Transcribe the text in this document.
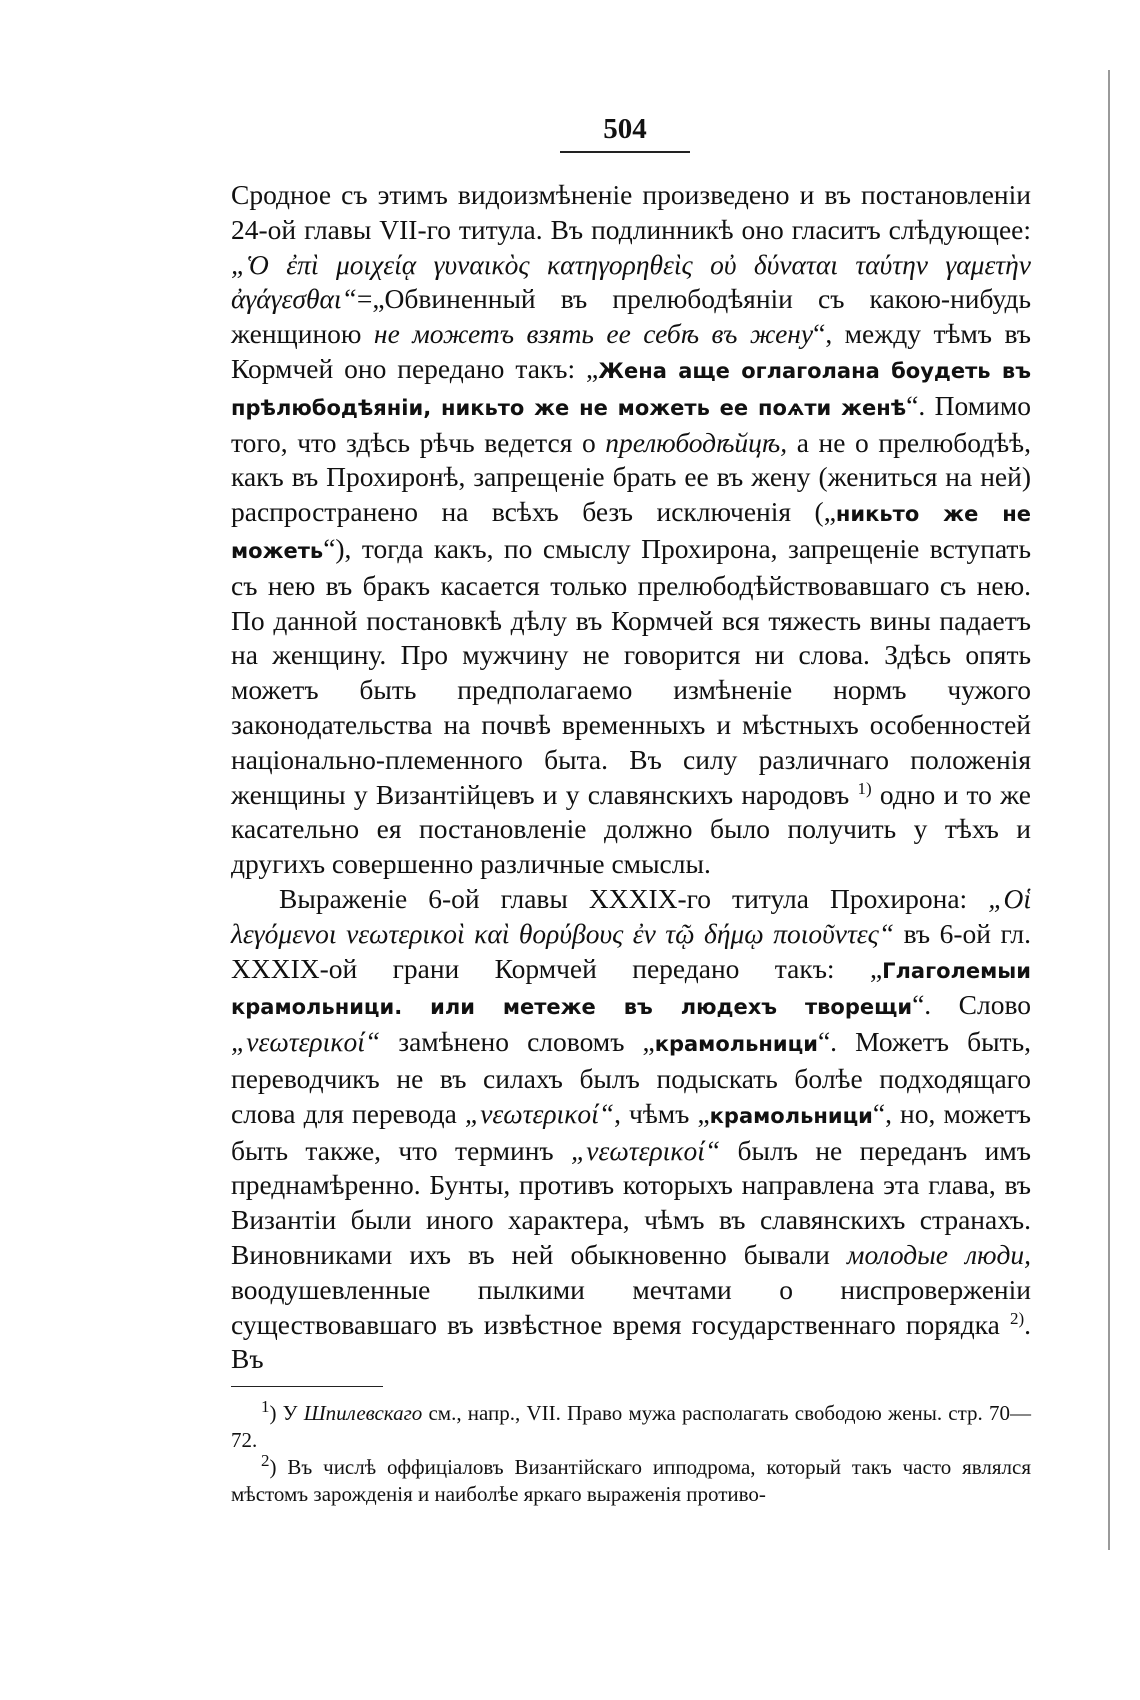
504

Сродное съ этимъ видоизмѣненіе произведено и въ постановленіи 24-ой главы VII-го титула. Въ подлинникѣ оно гласитъ слѣдующее: „Ὁ ἐπὶ μοιχείᾳ γυναικὸς κατηγορηθεὶς οὐ δύναται ταύτην γαμετὴν ἀγάγεσθαι“=„Обвиненный въ прелюбодѣяніи съ какою-нибудь женщиною не можетъ взять ее себѣ въ жену“, между тѣмъ въ Кормчей оно передано такъ: „Жена аще оглаголана боудеть въ прѣлюбодѣяніи, никьто же не можеть ее поѧти женѣ“. Помимо того, что здѣсь рѣчь ведется о прелюбодѣйцѣ, а не о прелюбодѣѣ, какъ въ Прохиронѣ, запрещеніе брать ее въ жену (жениться на ней) распространено на всѣхъ безъ исключенія („никьто же не можеть“), тогда какъ, по смыслу Прохирона, запрещеніе вступать съ нею въ бракъ касается только прелюбодѣйствовавшаго съ нею. По данной постановкѣ дѣлу въ Кормчей вся тяжесть вины падаетъ на женщину. Про мужчину не говорится ни слова. Здѣсь опять можетъ быть предполагаемо измѣненіе нормъ чужого законодательства на почвѣ временныхъ и мѣстныхъ особенностей національно-племенного быта. Въ силу различнаго положенія женщины у Византійцевъ и у славянскихъ народовъ $^{1)}$ одно и то же касательно ея постановленіе должно было получить у тѣхъ и другихъ совершенно различные смыслы.

Выраженіе 6-ой главы XXXIX-го титула Прохирона: „Οἱ λεγόμενοι νεωτερικοὶ καὶ θορύβους ἐν τῷ δήμῳ ποιοῦντες“ въ 6-ой гл. XXXIX-ой грани Кормчей передано такъ: „Глаголемыи крамольници. или метеже въ людехъ творещи“. Слово „νεωτερικοί“ замѣнено словомъ „крамольници“. Можетъ быть, переводчикъ не въ силахъ былъ подыскать болѣе подходящаго слова для перевода „νεωτερικοί“, чѣмъ „крамольници“, но, можетъ быть также, что терминъ „νεωτερικοί“ былъ не переданъ имъ преднамѣренно. Бунты, противъ которыхъ направлена эта глава, въ Византіи были иного характера, чѣмъ въ славянскихъ странахъ. Виновниками ихъ въ ней обыкновенно бывали молодые люди, воодушевленные пылкими мечтами о ниспроверженіи существовавшаго въ извѣстное время государственнаго порядка $^{2)}$. Въ

$^1$) У Шпилевскаго см., напр., VII. Право мужа располагать свободою жены. стр. 70—72.

$^2$) Въ числѣ оффиціаловъ Византійскаго ипподрома, который такъ часто являлся мѣстомъ зарожденія и наиболѣе яркаго выраженія противо-
